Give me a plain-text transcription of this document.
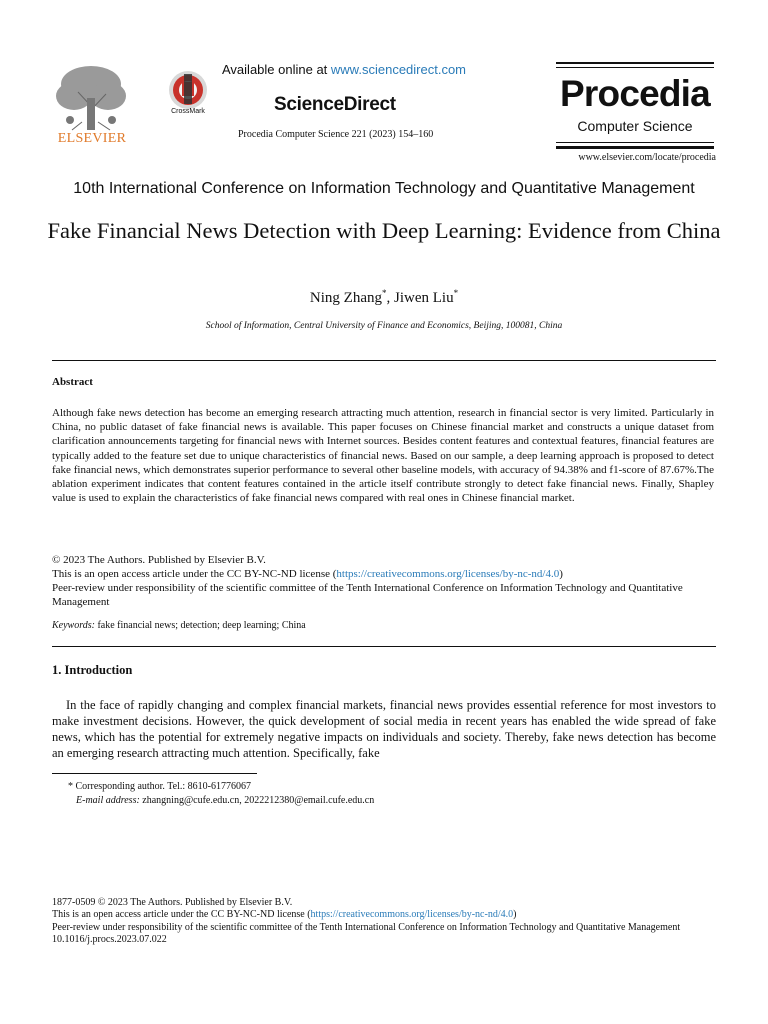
ELSEVIER
CrossMark
Available online at www.sciencedirect.com
ScienceDirect
Procedia Computer Science 221 (2023) 154–160
Procedia
Computer Science
www.elsevier.com/locate/procedia
10th International Conference on Information Technology and Quantitative Management
Fake Financial News Detection with Deep Learning: Evidence from China
Ning Zhang*, Jiwen Liu*
School of Information, Central University of Finance and Economics, Beijing, 100081, China
Abstract
Although fake news detection has become an emerging research attracting much attention, research in financial sector is very limited. Particularly in China, no public dataset of fake financial news is available. This paper focuses on Chinese financial market and constructs a unique dataset from clarification announcements targeting for financial news with Internet sources. Besides content features and contextual features, financial features are typically added to the feature set due to unique characteristics of financial news. Based on our sample, a deep learning approach is proposed to detect fake financial news, which demonstrates superior performance to several other baseline models, with accuracy of 94.38% and f1-score of 87.67%.The ablation experiment indicates that content features contained in the article itself contribute strongly to detect fake financial news. Finally, Shapley value is used to explain the characteristics of fake financial news compared with real ones in Chinese financial market.
© 2023 The Authors. Published by Elsevier B.V.
This is an open access article under the CC BY-NC-ND license (https://creativecommons.org/licenses/by-nc-nd/4.0)
Peer-review under responsibility of the scientific committee of the Tenth International Conference on Information Technology and Quantitative Management
Keywords: fake financial news; detection; deep learning; China
1. Introduction
In the face of rapidly changing and complex financial markets, financial news provides essential reference for most investors to make investment decisions. However, the quick development of social media in recent years has enabled the wide spread of fake news, which has the potential for extremely negative impacts on individuals and society. Thereby, fake news detection has become an emerging research attracting much attention. Specifically, fake
* Corresponding author. Tel.: 8610-61776067
E-mail address: zhangning@cufe.edu.cn, 2022212380@email.cufe.edu.cn
1877-0509 © 2023 The Authors. Published by Elsevier B.V.
This is an open access article under the CC BY-NC-ND license (https://creativecommons.org/licenses/by-nc-nd/4.0)
Peer-review under responsibility of the scientific committee of the Tenth International Conference on Information Technology and Quantitative Management
10.1016/j.procs.2023.07.022
